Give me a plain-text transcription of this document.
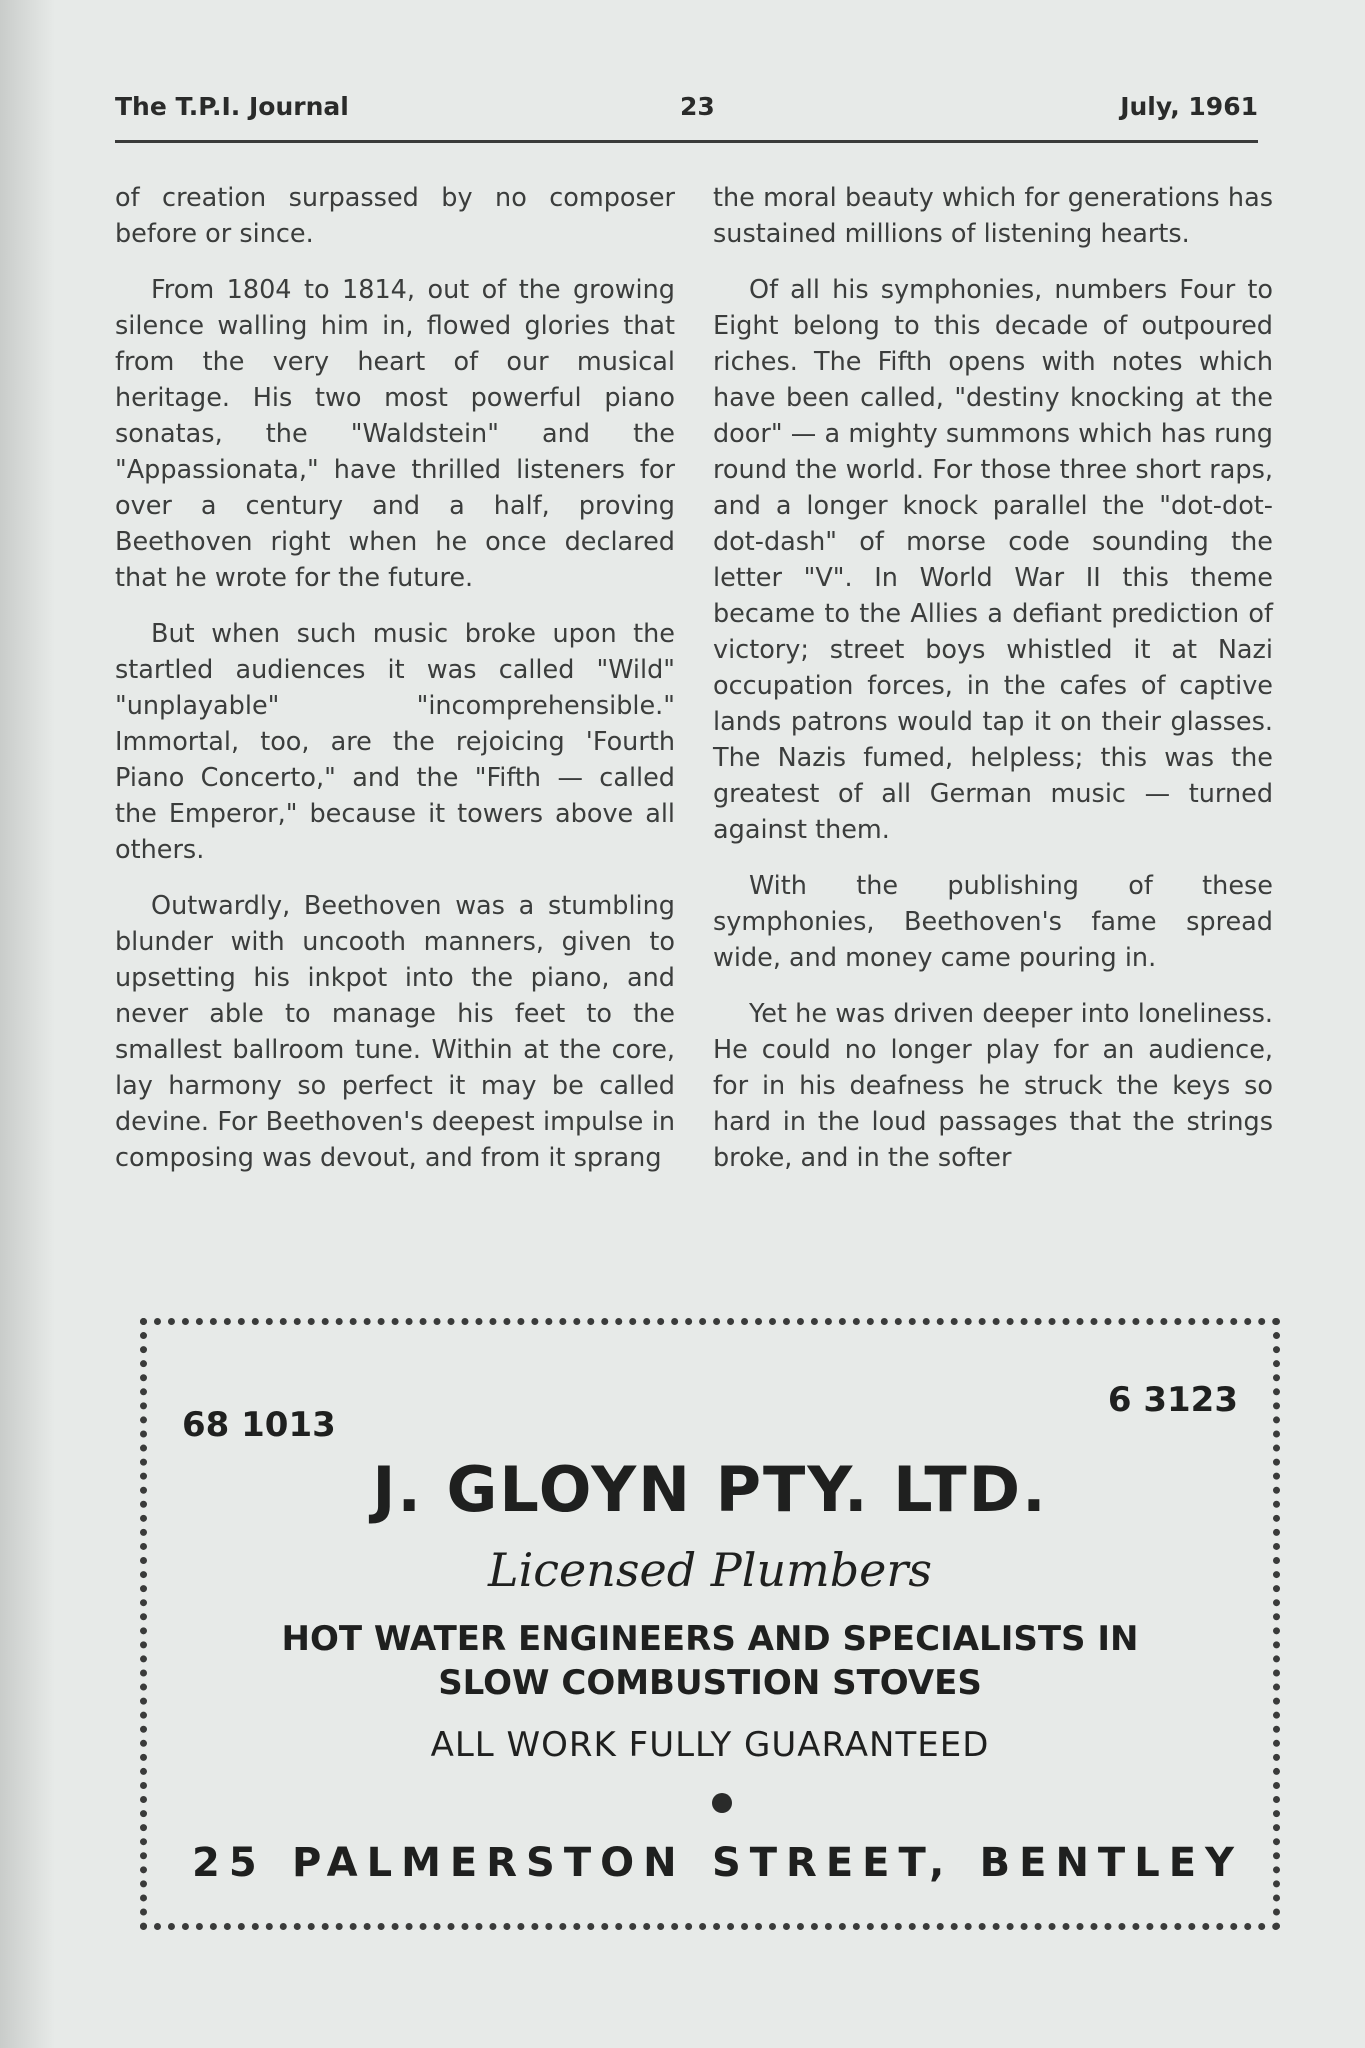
The T.P.I. Journal	23	July, 1961

of creation surpassed by no composer before or since.

From 1804 to 1814, out of the growing silence walling him in, flowed glories that from the very heart of our musical heritage. His two most powerful piano sonatas, the "Waldstein" and the "Appassionata," have thrilled listeners for over a century and a half, proving Beethoven right when he once declared that he wrote for the future.

But when such music broke upon the startled audiences it was called "Wild" "unplayable" "incomprehensible." Immortal, too, are the rejoicing 'Fourth Piano Concerto," and the "Fifth — called the Emperor," because it towers above all others.

Outwardly, Beethoven was a stumbling blunder with uncooth manners, given to upsetting his inkpot into the piano, and never able to manage his feet to the smallest ballroom tune. Within at the core, lay harmony so perfect it may be called devine. For Beethoven's deepest impulse in composing was devout, and from it sprang

the moral beauty which for generations has sustained millions of listening hearts.

Of all his symphonies, numbers Four to Eight belong to this decade of outpoured riches. The Fifth opens with notes which have been called, "destiny knocking at the door" — a mighty summons which has rung round the world. For those three short raps, and a longer knock parallel the "dot-dot-dot-dash" of morse code sounding the letter "V". In World War II this theme became to the Allies a defiant prediction of victory; street boys whistled it at Nazi occupation forces, in the cafes of captive lands patrons would tap it on their glasses. The Nazis fumed, helpless; this was the greatest of all German music — turned against them.

With the publishing of these symphonies, Beethoven's fame spread wide, and money came pouring in.

Yet he was driven deeper into loneliness. He could no longer play for an audience, for in his deafness he struck the keys so hard in the loud passages that the strings broke, and in the softer

68 1013
6 3123
J. GLOYN PTY. LTD.
Licensed Plumbers
HOT WATER ENGINEERS AND SPECIALISTS IN SLOW COMBUSTION STOVES
ALL WORK FULLY GUARANTEED
25 PALMERSTON STREET, BENTLEY
